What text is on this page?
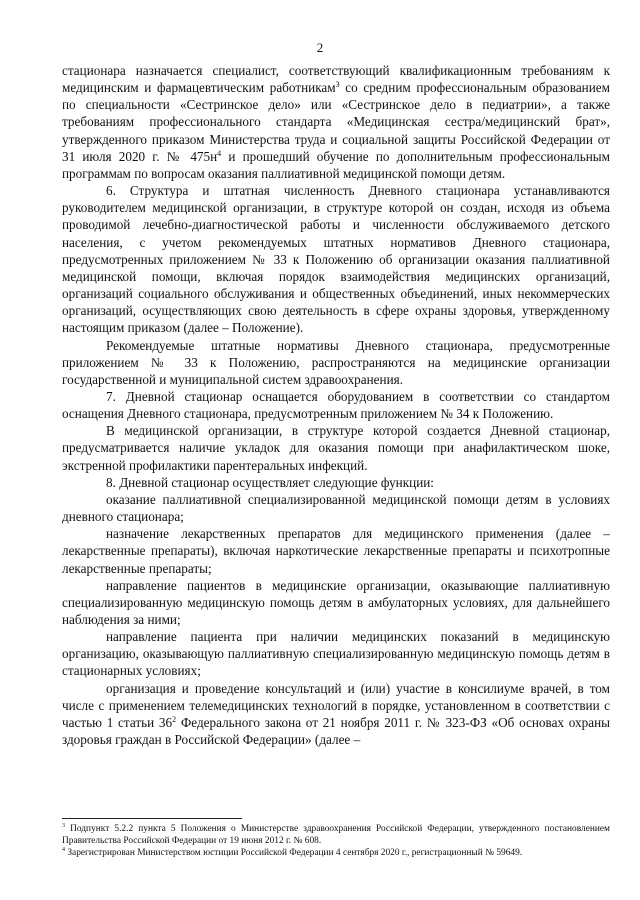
2

стационара назначается специалист, соответствующий квалификационным требованиям к медицинским и фармацевтическим работникам$^3$ со средним профессиональным образованием по специальности «Сестринское дело» или «Сестринское дело в педиатрии», а также требованиям профессионального стандарта «Медицинская сестра/медицинский брат», утвержденного приказом Министерства труда и социальной защиты Российской Федерации от 31 июля 2020 г. № $475н^4$ и прошедший обучение по дополнительным профессиональным программам по вопросам оказания паллиативной медицинской помощи детям.

6. Структура и штатная численность Дневного стационара устанавливаются руководителем медицинской организации, в структуре которой он создан, исходя из объема проводимой лечебно-диагностической работы и численности обслуживаемого детского населения, с учетом рекомендуемых штатных нормативов Дневного стационара, предусмотренных приложением № 33 к Положению об организации оказания паллиативной медицинской помощи, включая порядок взаимодействия медицинских организаций, организаций социального обслуживания и общественных объединений, иных некоммерческих организаций, осуществляющих свою деятельность в сфере охраны здоровья, утвержденному настоящим приказом (далее – Положение).

Рекомендуемые штатные нормативы Дневного стационара, предусмотренные приложением № 33 к Положению, распространяются на медицинские организации государственной и муниципальной систем здравоохранения.

7. Дневной стационар оснащается оборудованием в соответствии со стандартом оснащения Дневного стационара, предусмотренным приложением № 34 к Положению.

В медицинской организации, в структуре которой создается Дневной стационар, предусматривается наличие укладок для оказания помощи при анафилактическом шоке, экстренной профилактики парентеральных инфекций.

8. Дневной стационар осуществляет следующие функции:

оказание паллиативной специализированной медицинской помощи детям в условиях дневного стационара;

назначение лекарственных препаратов для медицинского применения (далее – лекарственные препараты), включая наркотические лекарственные препараты и психотропные лекарственные препараты;

направление пациентов в медицинские организации, оказывающие паллиативную специализированную медицинскую помощь детям в амбулаторных условиях, для дальнейшего наблюдения за ними;

направление пациента при наличии медицинских показаний в медицинскую организацию, оказывающую паллиативную специализированную медицинскую помощь детям в стационарных условиях;

организация и проведение консультаций и (или) участие в консилиуме врачей, в том числе с применением телемедицинских технологий в порядке, установленном в соответствии с частью 1 статьи $36^2$ Федерального закона от 21 ноября 2011 г. № 323-ФЗ «Об основах охраны здоровья граждан в Российской Федерации» (далее –

$^3$ Подпункт 5.2.2 пункта 5 Положения о Министерстве здравоохранения Российской Федерации, утвержденного постановлением Правительства Российской Федерации от 19 июня 2012 г. № 608.

$^4$ Зарегистрирован Министерством юстиции Российской Федерации 4 сентября 2020 г., регистрационный № 59649.
